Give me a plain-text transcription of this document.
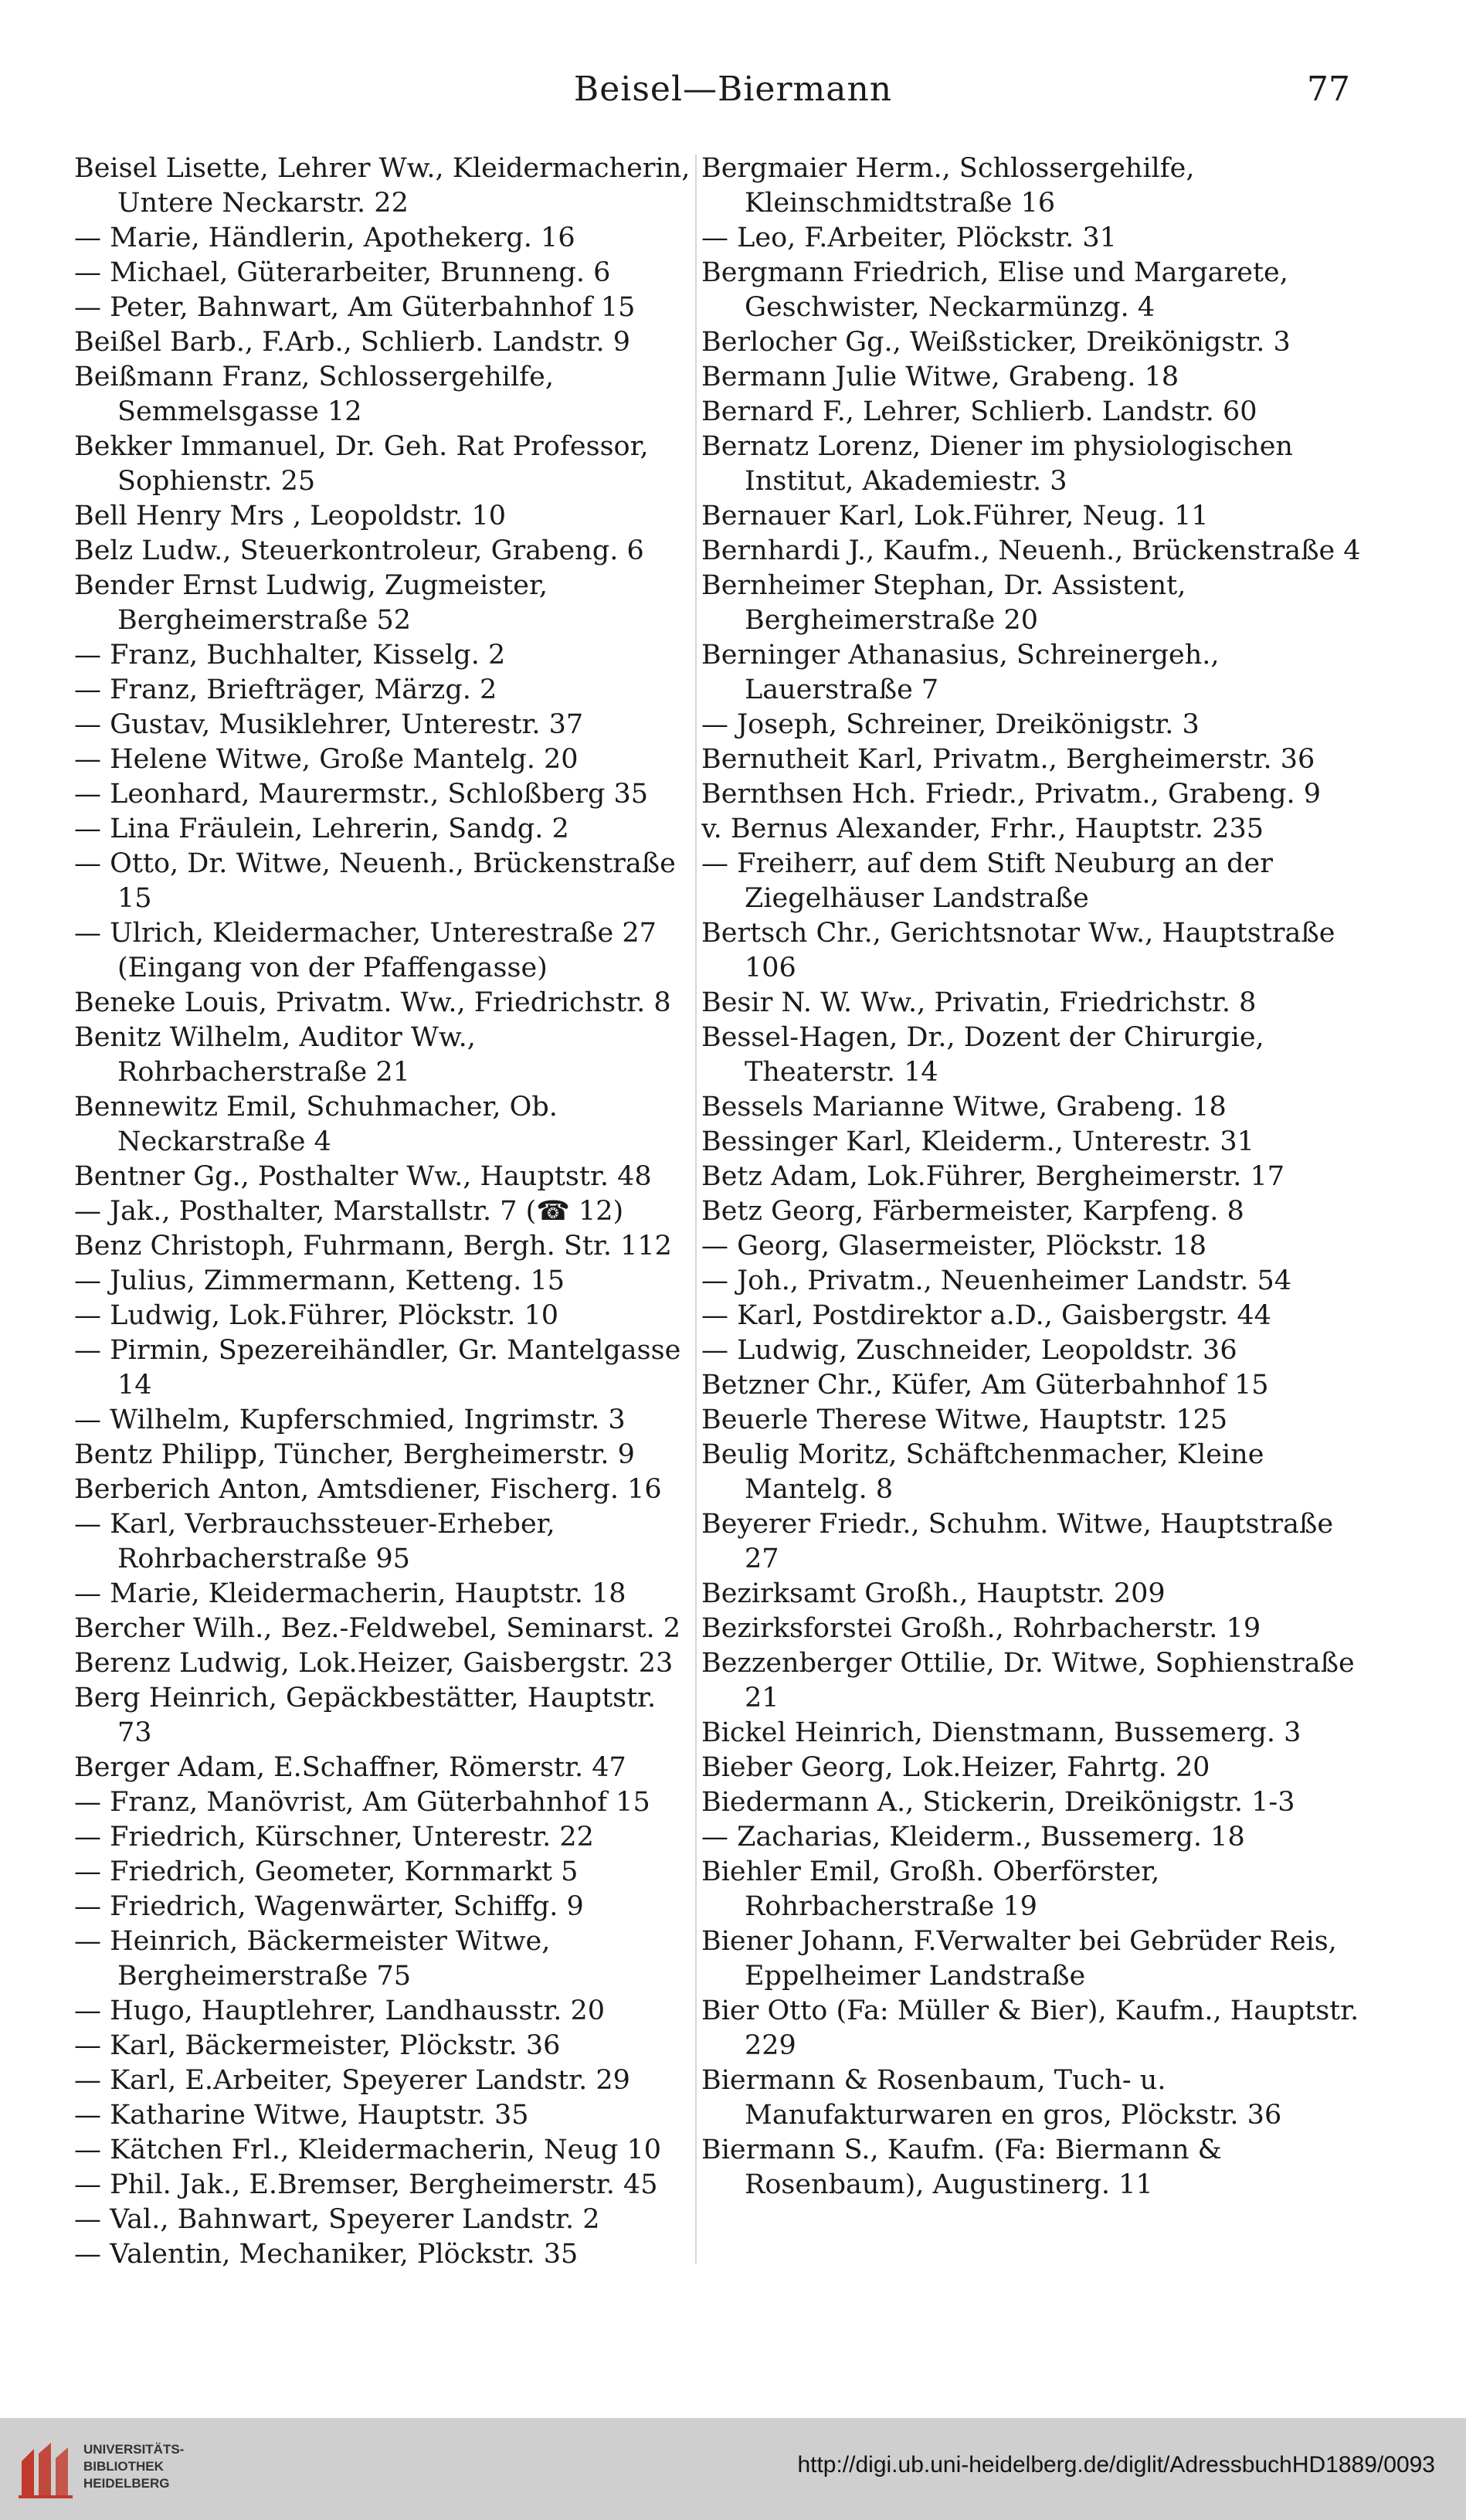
Beisel—Biermann	77
Beisel Lisette, Lehrer Ww., Kleidermacherin, Untere Neckarstr. 22
— Marie, Händlerin, Apothekerg. 16
— Michael, Güterarbeiter, Brunneng. 6
— Peter, Bahnwart, Am Güterbahnhof 15
Beißel Barb., F.Arb., Schlierb. Landstr. 9
Beißmann Franz, Schlossergehilfe, Semmelsgasse 12
Bekker Immanuel, Dr. Geh. Rat Professor, Sophienstr. 25
Bell Henry Mrs , Leopoldstr. 10
Belz Ludw., Steuerkontroleur, Grabeng. 6
Bender Ernst Ludwig, Zugmeister, Bergheimerstraße 52
— Franz, Buchhalter, Kisselg. 2
— Franz, Briefträger, Märzg. 2
— Gustav, Musiklehrer, Unterestr. 37
— Helene Witwe, Große Mantelg. 20
— Leonhard, Maurermstr., Schloßberg 35
— Lina Fräulein, Lehrerin, Sandg. 2
— Otto, Dr. Witwe, Neuenh., Brückenstraße 15
— Ulrich, Kleidermacher, Unterestraße 27 (Eingang von der Pfaffengasse)
Beneke Louis, Privatm. Ww., Friedrichstr. 8
Benitz Wilhelm, Auditor Ww., Rohrbacherstraße 21
Bennewitz Emil, Schuhmacher, Ob. Neckarstraße 4
Bentner Gg., Posthalter Ww., Hauptstr. 48
— Jak., Posthalter, Marstallstr. 7 (☎ 12)
Benz Christoph, Fuhrmann, Bergh. Str. 112
— Julius, Zimmermann, Ketteng. 15
— Ludwig, Lok.Führer, Plöckstr. 10
— Pirmin, Spezereihändler, Gr. Mantelgasse 14
— Wilhelm, Kupferschmied, Ingrimstr. 3
Bentz Philipp, Tüncher, Bergheimerstr. 9
Berberich Anton, Amtsdiener, Fischerg. 16
— Karl, Verbrauchssteuer-Erheber, Rohrbacherstraße 95
— Marie, Kleidermacherin, Hauptstr. 18
Bercher Wilh., Bez.-Feldwebel, Seminarst. 2
Berenz Ludwig, Lok.Heizer, Gaisbergstr. 23
Berg Heinrich, Gepäckbestätter, Hauptstr. 73
Berger Adam, E.Schaffner, Römerstr. 47
— Franz, Manövrist, Am Güterbahnhof 15
— Friedrich, Kürschner, Unterestr. 22
— Friedrich, Geometer, Kornmarkt 5
— Friedrich, Wagenwärter, Schiffg. 9
— Heinrich, Bäckermeister Witwe, Bergheimerstraße 75
— Hugo, Hauptlehrer, Landhausstr. 20
— Karl, Bäckermeister, Plöckstr. 36
— Karl, E.Arbeiter, Speyerer Landstr. 29
— Katharine Witwe, Hauptstr. 35
— Kätchen Frl., Kleidermacherin, Neug 10
— Phil. Jak., E.Bremser, Bergheimerstr. 45
— Val., Bahnwart, Speyerer Landstr. 2
— Valentin, Mechaniker, Plöckstr. 35
Bergmaier Herm., Schlossergehilfe, Kleinschmidtstraße 16
— Leo, F.Arbeiter, Plöckstr. 31
Bergmann Friedrich, Elise und Margarete, Geschwister, Neckarmünzg. 4
Berlocher Gg., Weißsticker, Dreikönigstr. 3
Bermann Julie Witwe, Grabeng. 18
Bernard F., Lehrer, Schlierb. Landstr. 60
Bernatz Lorenz, Diener im physiologischen Institut, Akademiestr. 3
Bernauer Karl, Lok.Führer, Neug. 11
Bernhardi J., Kaufm., Neuenh., Brückenstraße 4
Bernheimer Stephan, Dr. Assistent, Bergheimerstraße 20
Berninger Athanasius, Schreinergeh., Lauerstraße 7
— Joseph, Schreiner, Dreikönigstr. 3
Bernutheit Karl, Privatm., Bergheimerstr. 36
Bernthsen Hch. Friedr., Privatm., Grabeng. 9
v. Bernus Alexander, Frhr., Hauptstr. 235
— Freiherr, auf dem Stift Neuburg an der Ziegelhäuser Landstraße
Bertsch Chr., Gerichtsnotar Ww., Hauptstraße 106
Besir N. W. Ww., Privatin, Friedrichstr. 8
Bessel-Hagen, Dr., Dozent der Chirurgie, Theaterstr. 14
Bessels Marianne Witwe, Grabeng. 18
Bessinger Karl, Kleiderm., Unterestr. 31
Betz Adam, Lok.Führer, Bergheimerstr. 17
Betz Georg, Färbermeister, Karpfeng. 8
— Georg, Glasermeister, Plöckstr. 18
— Joh., Privatm., Neuenheimer Landstr. 54
— Karl, Postdirektor a.D., Gaisbergstr. 44
— Ludwig, Zuschneider, Leopoldstr. 36
Betzner Chr., Küfer, Am Güterbahnhof 15
Beuerle Therese Witwe, Hauptstr. 125
Beulig Moritz, Schäftchenmacher, Kleine Mantelg. 8
Beyerer Friedr., Schuhm. Witwe, Hauptstraße 27
Bezirksamt Großh., Hauptstr. 209
Bezirksforstei Großh., Rohrbacherstr. 19
Bezzenberger Ottilie, Dr. Witwe, Sophienstraße 21
Bickel Heinrich, Dienstmann, Bussemerg. 3
Bieber Georg, Lok.Heizer, Fahrtg. 20
Biedermann A., Stickerin, Dreikönigstr. 1-3
— Zacharias, Kleiderm., Bussemerg. 18
Biehler Emil, Großh. Oberförster, Rohrbacherstraße 19
Biener Johann, F.Verwalter bei Gebrüder Reis, Eppelheimer Landstraße
Bier Otto (Fa: Müller & Bier), Kaufm., Hauptstr. 229
Biermann & Rosenbaum, Tuch- u. Manufakturwaren en gros, Plöckstr. 36
Biermann S., Kaufm. (Fa: Biermann & Rosenbaum), Augustinerg. 11
UNIVERSITÄTS-
BIBLIOTHEK
HEIDELBERG
http://digi.ub.uni-heidelberg.de/diglit/AdressbuchHD1889/0093
